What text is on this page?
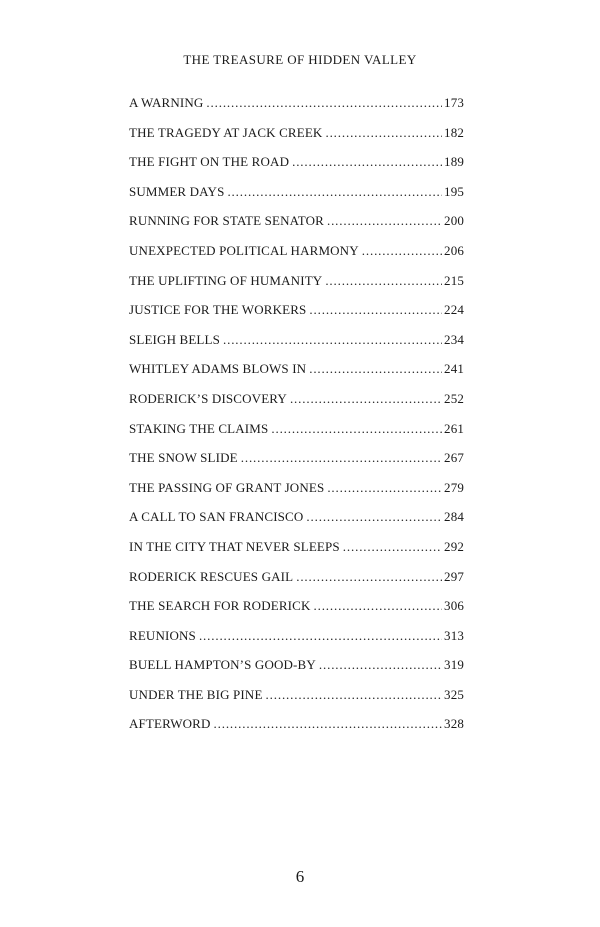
THE TREASURE OF HIDDEN VALLEY
A WARNING . . .	173
THE TRAGEDY AT JACK CREEK . . .	182
THE FIGHT ON THE ROAD . . .	189
SUMMER DAYS . . .	195
RUNNING FOR STATE SENATOR . . .	200
UNEXPECTED POLITICAL HARMONY . . .	206
THE UPLIFTING OF HUMANITY . . .	215
JUSTICE FOR THE WORKERS . . .	224
SLEIGH BELLS . . .	234
WHITLEY ADAMS BLOWS IN . . .	241
RODERICK’S DISCOVERY . . .	252
STAKING THE CLAIMS . . .	261
THE SNOW SLIDE . . .	267
THE PASSING OF GRANT JONES . . .	279
A CALL TO SAN FRANCISCO . . .	284
IN THE CITY THAT NEVER SLEEPS . . .	292
RODERICK RESCUES GAIL . . .	297
THE SEARCH FOR RODERICK . . .	306
REUNIONS . . .	313
BUELL HAMPTON’S GOOD-BY . . .	319
UNDER THE BIG PINE . . .	325
AFTERWORD . . .	328
6
